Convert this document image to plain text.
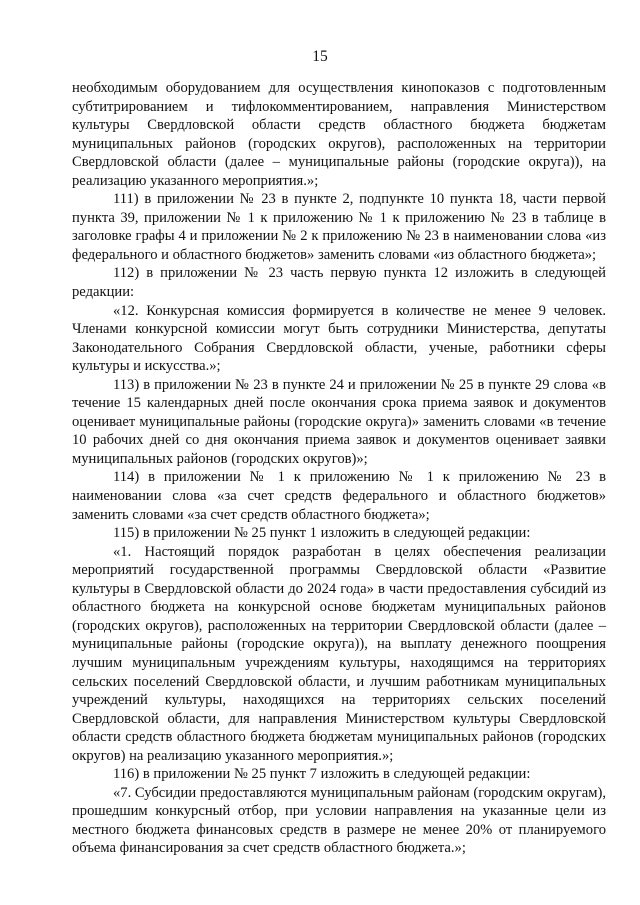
15

необходимым оборудованием для осуществления кинопоказов с подготовленным субтитрированием и тифлокомментированием, направления Министерством культуры Свердловской области средств областного бюджета бюджетам муниципальных районов (городских округов), расположенных на территории Свердловской области (далее – муниципальные районы (городские округа)), на реализацию указанного мероприятия.»;

111) в приложении № 23 в пункте 2, подпункте 10 пункта 18, части первой пункта 39, приложении № 1 к приложению № 1 к приложению № 23 в таблице в заголовке графы 4 и приложении № 2 к приложению № 23 в наименовании слова «из федерального и областного бюджетов» заменить словами «из областного бюджета»;

112) в приложении № 23 часть первую пункта 12 изложить в следующей редакции:

«12. Конкурсная комиссия формируется в количестве не менее 9 человек. Членами конкурсной комиссии могут быть сотрудники Министерства, депутаты Законодательного Собрания Свердловской области, ученые, работники сферы культуры и искусства.»;

113) в приложении № 23 в пункте 24 и приложении № 25 в пункте 29 слова «в течение 15 календарных дней после окончания срока приема заявок и документов оценивает муниципальные районы (городские округа)» заменить словами «в течение 10 рабочих дней со дня окончания приема заявок и документов оценивает заявки муниципальных районов (городских округов)»;

114) в приложении № 1 к приложению № 1 к приложению № 23 в наименовании слова «за счет средств федерального и областного бюджетов» заменить словами «за счет средств областного бюджета»;

115) в приложении № 25 пункт 1 изложить в следующей редакции:

«1. Настоящий порядок разработан в целях обеспечения реализации мероприятий государственной программы Свердловской области «Развитие культуры в Свердловской области до 2024 года» в части предоставления субсидий из областного бюджета на конкурсной основе бюджетам муниципальных районов (городских округов), расположенных на территории Свердловской области (далее – муниципальные районы (городские округа)), на выплату денежного поощрения лучшим муниципальным учреждениям культуры, находящимся на территориях сельских поселений Свердловской области, и лучшим работникам муниципальных учреждений культуры, находящихся на территориях сельских поселений Свердловской области, для направления Министерством культуры Свердловской области средств областного бюджета бюджетам муниципальных районов (городских округов) на реализацию указанного мероприятия.»;

116) в приложении № 25 пункт 7 изложить в следующей редакции:

«7. Субсидии предоставляются муниципальным районам (городским округам), прошедшим конкурсный отбор, при условии направления на указанные цели из местного бюджета финансовых средств в размере не менее 20% от планируемого объема финансирования за счет средств областного бюджета.»;
